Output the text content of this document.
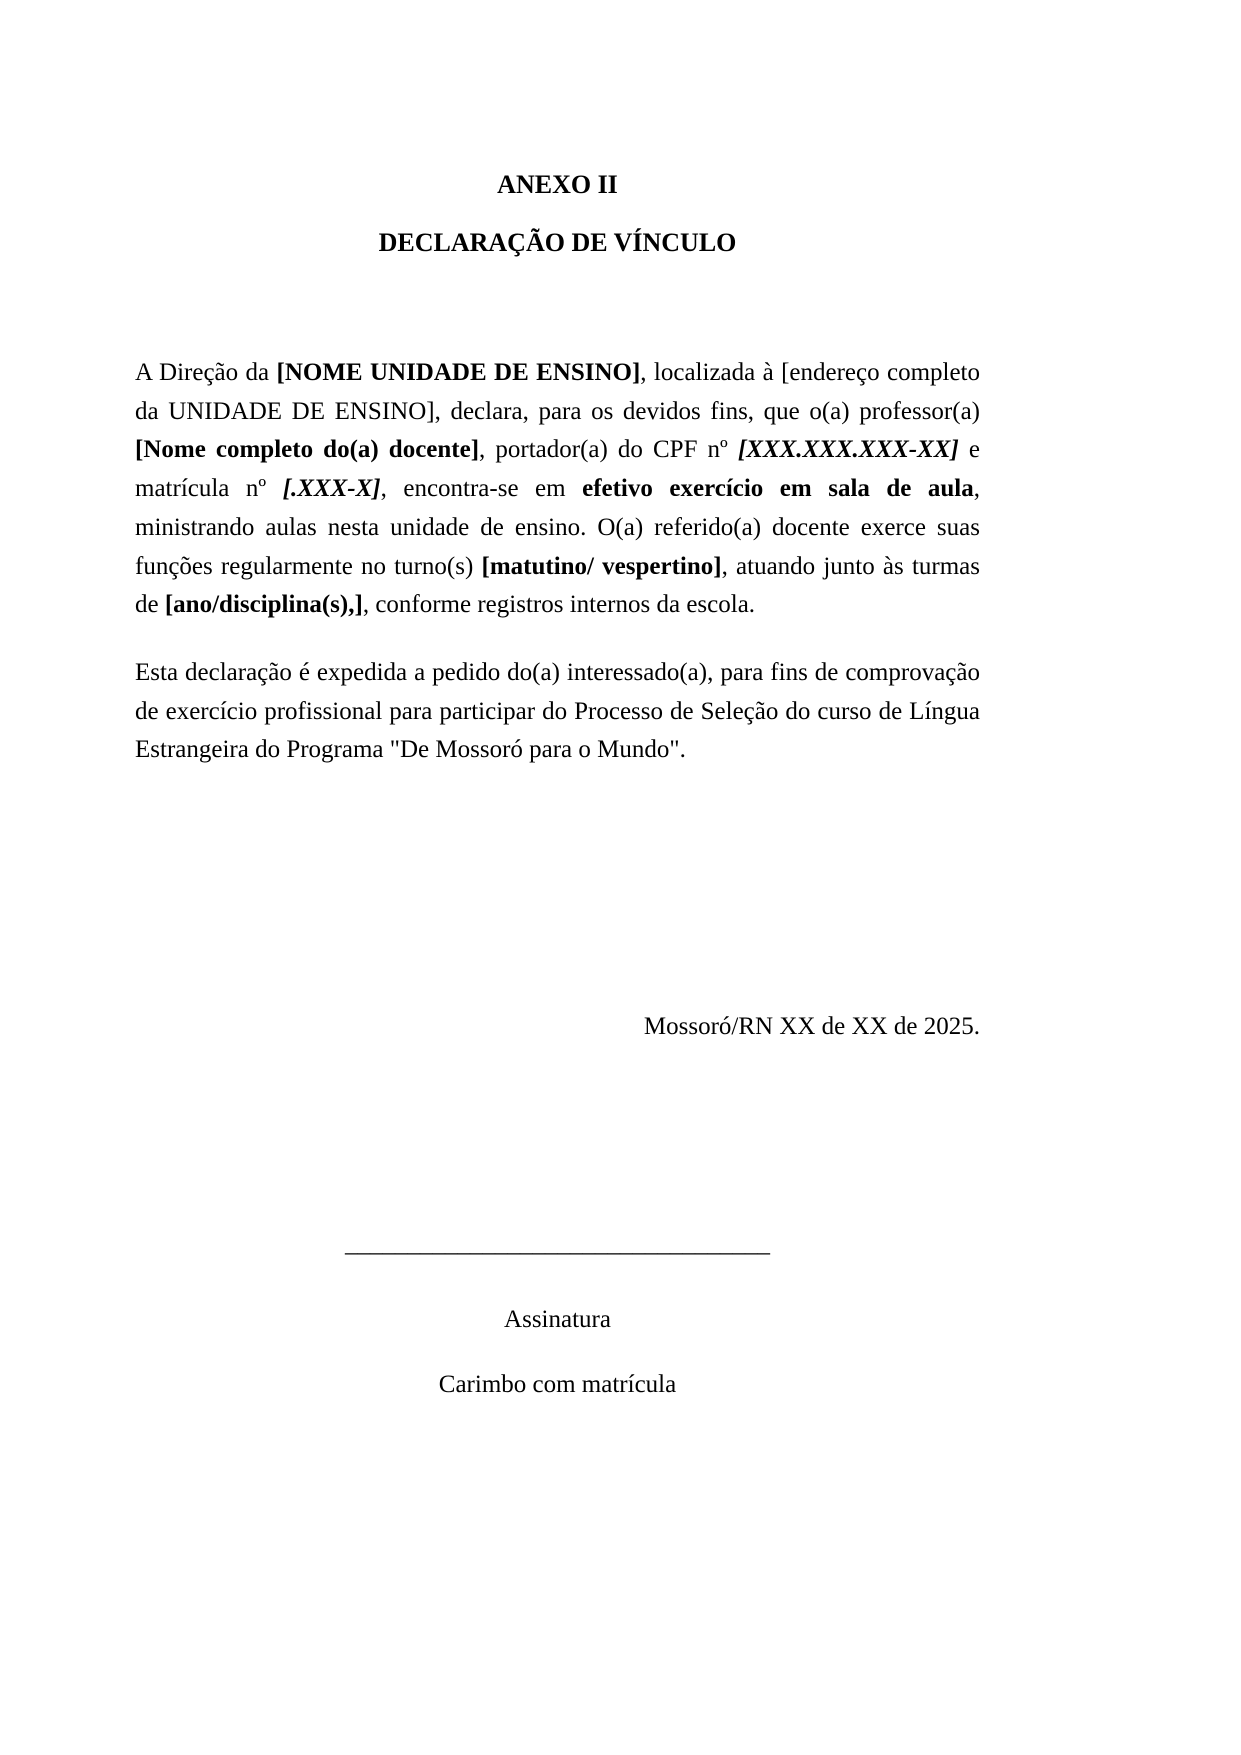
ANEXO II
DECLARAÇÃO DE VÍNCULO

A Direção da [NOME UNIDADE DE ENSINO], localizada à [endereço completo da UNIDADE DE ENSINO], declara, para os devidos fins, que o(a) professor(a) [Nome completo do(a) docente], portador(a) do CPF nº [XXX.XXX.XXX-XX] e matrícula nº [.XXX-X], encontra-se em efetivo exercício em sala de aula, ministrando aulas nesta unidade de ensino. O(a) referido(a) docente exerce suas funções regularmente no turno(s) [matutino/ vespertino], atuando junto às turmas de [ano/disciplina(s),], conforme registros internos da escola.

Esta declaração é expedida a pedido do(a) interessado(a), para fins de comprovação de exercício profissional para participar do Processo de Seleção do curso de Língua Estrangeira do Programa "De Mossoró para o Mundo".

Mossoró/RN XX de XX de 2025.
__________________________________
Assinatura
Carimbo com matrícula
